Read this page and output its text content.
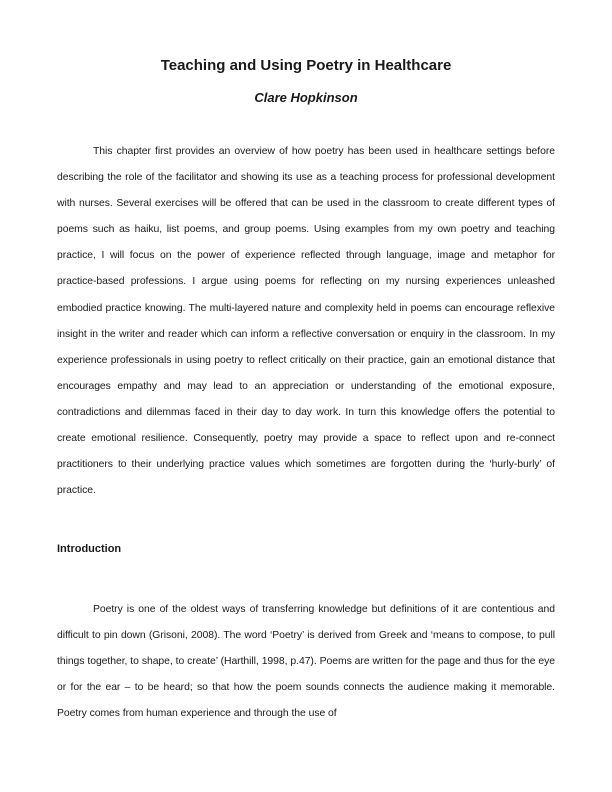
Teaching and Using Poetry in Healthcare
Clare Hopkinson

This chapter first provides an overview of how poetry has been used in healthcare settings before describing the role of the facilitator and showing its use as a teaching process for professional development with nurses. Several exercises will be offered that can be used in the classroom to create different types of poems such as haiku, list poems, and group poems. Using examples from my own poetry and teaching practice, I will focus on the power of experience reflected through language, image and metaphor for practice-based professions. I argue using poems for reflecting on my nursing experiences unleashed embodied practice knowing. The multi-layered nature and complexity held in poems can encourage reflexive insight in the writer and reader which can inform a reflective conversation or enquiry in the classroom. In my experience professionals in using poetry to reflect critically on their practice, gain an emotional distance that encourages empathy and may lead to an appreciation or understanding of the emotional exposure, contradictions and dilemmas faced in their day to day work. In turn this knowledge offers the potential to create emotional resilience. Consequently, poetry may provide a space to reflect upon and re-connect practitioners to their underlying practice values which sometimes are forgotten during the ‘hurly-burly’ of practice.

Introduction

Poetry is one of the oldest ways of transferring knowledge but definitions of it are contentious and difficult to pin down (Grisoni, 2008). The word ‘Poetry’ is derived from Greek and ‘means to compose, to pull things together, to shape, to create’ (Harthill, 1998, p.47). Poems are written for the page and thus for the eye or for the ear – to be heard; so that how the poem sounds connects the audience making it memorable. Poetry comes from human experience and through the use of
